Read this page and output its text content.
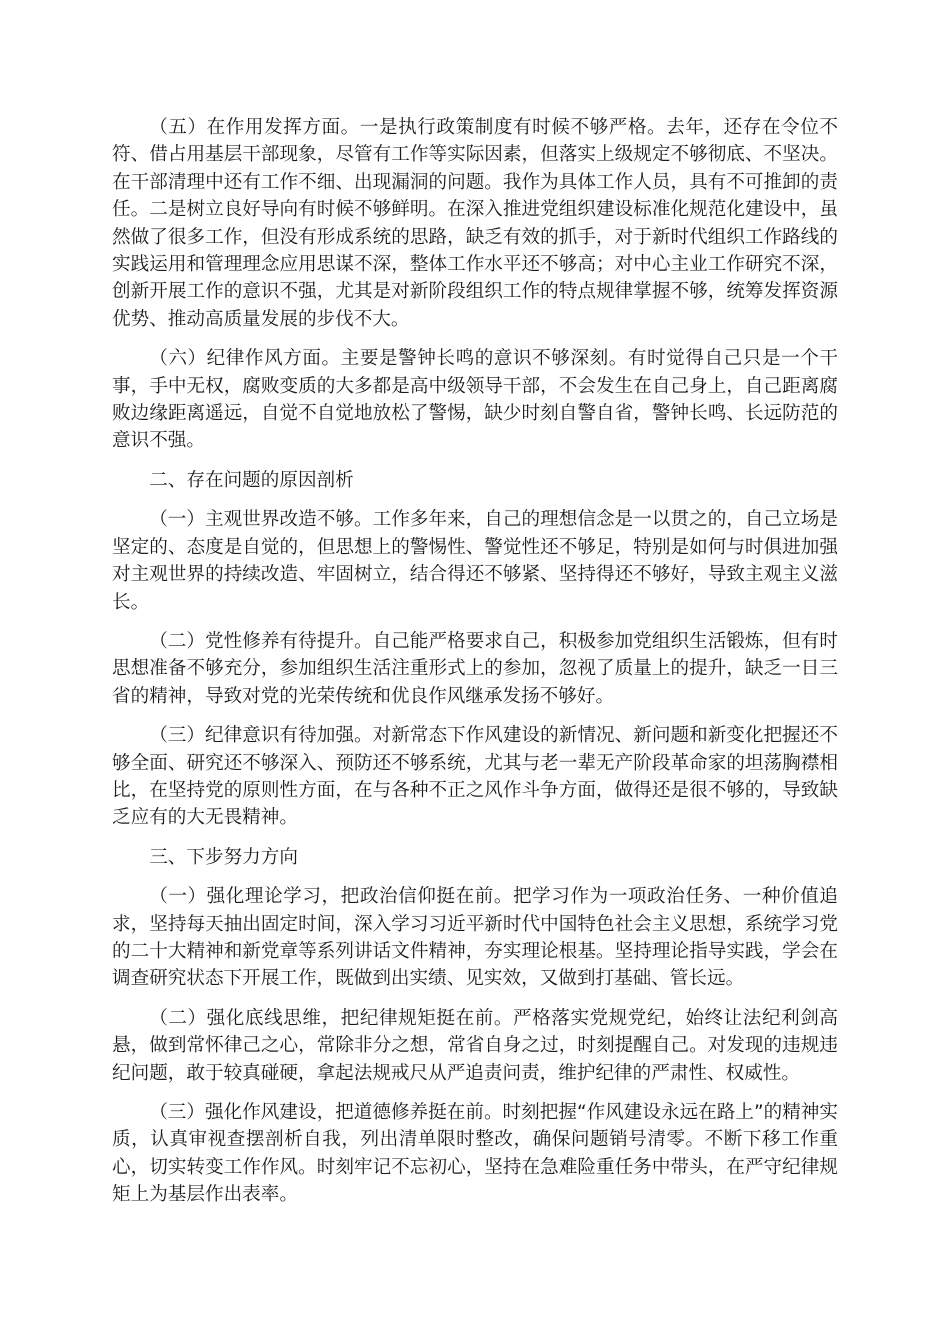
（五）在作用发挥方面。一是执行政策制度有时候不够严格。去年，还存在令位不符、借占用基层干部现象，尽管有工作等实际因素，但落实上级规定不够彻底、不坚决。在干部清理中还有工作不细、出现漏洞的问题。我作为具体工作人员，具有不可推卸的责任。二是树立良好导向有时候不够鲜明。在深入推进党组织建设标准化规范化建设中，虽然做了很多工作，但没有形成系统的思路，缺乏有效的抓手，对于新时代组织工作路线的实践运用和管理理念应用思谋不深，整体工作水平还不够高；对中心主业工作研究不深，创新开展工作的意识不强，尤其是对新阶段组织工作的特点规律掌握不够，统筹发挥资源优势、推动高质量发展的步伐不大。

（六）纪律作风方面。主要是警钟长鸣的意识不够深刻。有时觉得自己只是一个干事，手中无权，腐败变质的大多都是高中级领导干部，不会发生在自己身上，自己距离腐败边缘距离遥远，自觉不自觉地放松了警惕，缺少时刻自警自省，警钟长鸣、长远防范的意识不强。

二、存在问题的原因剖析

（一）主观世界改造不够。工作多年来，自己的理想信念是一以贯之的，自己立场是坚定的、态度是自觉的，但思想上的警惕性、警觉性还不够足，特别是如何与时俱进加强对主观世界的持续改造、牢固树立，结合得还不够紧、坚持得还不够好，导致主观主义滋长。

（二）党性修养有待提升。自己能严格要求自己，积极参加党组织生活锻炼，但有时思想准备不够充分，参加组织生活注重形式上的参加，忽视了质量上的提升，缺乏一日三省的精神，导致对党的光荣传统和优良作风继承发扬不够好。

（三）纪律意识有待加强。对新常态下作风建设的新情况、新问题和新变化把握还不够全面、研究还不够深入、预防还不够系统，尤其与老一辈无产阶段革命家的坦荡胸襟相比，在坚持党的原则性方面，在与各种不正之风作斗争方面，做得还是很不够的，导致缺乏应有的大无畏精神。

三、下步努力方向

（一）强化理论学习，把政治信仰挺在前。把学习作为一项政治任务、一种价值追求，坚持每天抽出固定时间，深入学习习近平新时代中国特色社会主义思想，系统学习党的二十大精神和新党章等系列讲话文件精神，夯实理论根基。坚持理论指导实践，学会在调查研究状态下开展工作，既做到出实绩、见实效，又做到打基础、管长远。

（二）强化底线思维，把纪律规矩挺在前。严格落实党规党纪，始终让法纪利剑高悬，做到常怀律己之心，常除非分之想，常省自身之过，时刻提醒自己。对发现的违规违纪问题，敢于较真碰硬，拿起法规戒尺从严追责问责，维护纪律的严肃性、权威性。

（三）强化作风建设，把道德修养挺在前。时刻把握“作风建设永远在路上”的精神实质，认真审视查摆剖析自我，列出清单限时整改，确保问题销号清零。不断下移工作重心，切实转变工作作风。时刻牢记不忘初心，坚持在急难险重任务中带头，在严守纪律规矩上为基层作出表率。
